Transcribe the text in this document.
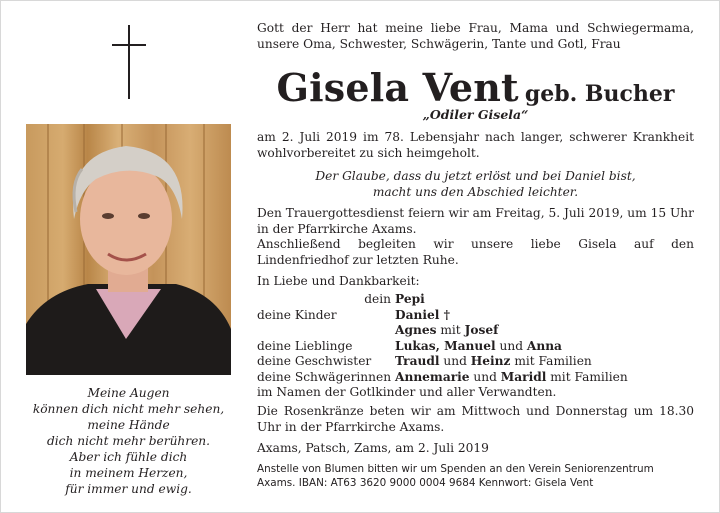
Meine Augen
können dich nicht mehr sehen,
meine Hände
dich nicht mehr berühren.
Aber ich fühle dich
in meinem Herzen,
für immer und ewig.
Gott der Herr hat meine liebe Frau, Mama und Schwiegermama, unsere Oma, Schwester, Schwägerin, Tante und Gotl, Frau
Gisela Vent geb. Bucher
„Odiler Gisela“
am 2. Juli 2019 im 78. Lebensjahr nach langer, schwerer Krankheit wohlvorbereitet zu sich heimgeholt.
Der Glaube, dass du jetzt erlöst und bei Daniel bist,
macht uns den Abschied leichter.
Den Trauergottesdienst feiern wir am Freitag, 5. Juli 2019, um 15 Uhr in der Pfarrkirche Axams.
Anschließend begleiten wir unsere liebe Gisela auf den Lindenfriedhof zur letzten Ruhe.
In Liebe und Dankbarkeit:
dein Pepi
deine Kinder	Daniel †
Agnes mit Josef
deine Lieblinge	Lukas, Manuel und Anna
deine Geschwister	Traudl und Heinz mit Familien
deine Schwägerinnen Annemarie und Maridl mit Familien
im Namen der Gotlkinder und aller Verwandten.
Die Rosenkränze beten wir am Mittwoch und Donnerstag um 18.30 Uhr in der Pfarrkirche Axams.
Axams, Patsch, Zams, am 2. Juli 2019
Anstelle von Blumen bitten wir um Spenden an den Verein Seniorenzentrum
Axams. IBAN: AT63 3620 9000 0004 9684 Kennwort: Gisela Vent
